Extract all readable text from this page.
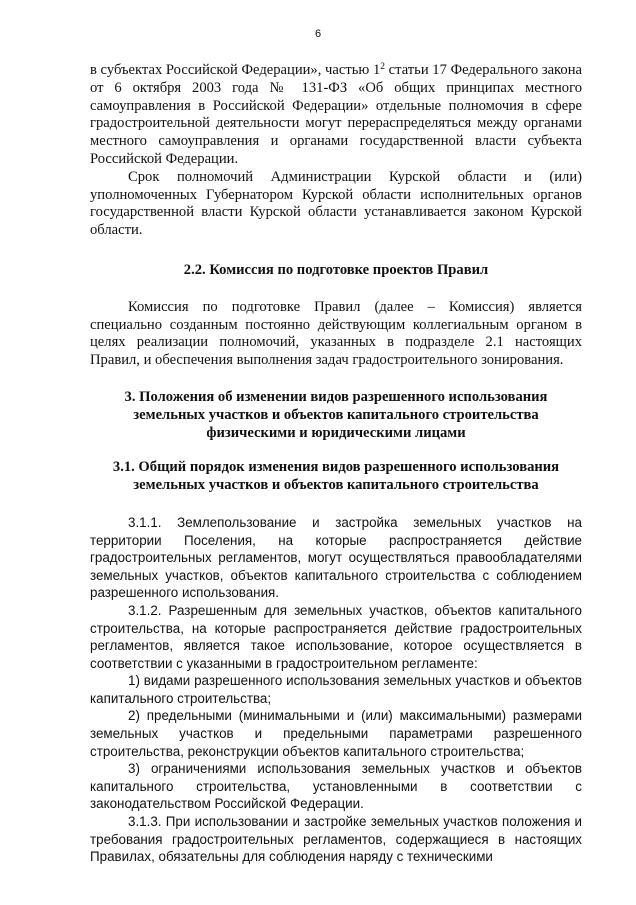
6

в субъектах Российской Федерации», частью $1^2$ статьи 17 Федерального закона от 6 октября 2003 года № 131-ФЗ «Об общих принципах местного самоуправления в Российской Федерации» отдельные полномочия в сфере градостроительной деятельности могут перераспределяться между органами местного самоуправления и органами государственной власти субъекта Российской Федерации.

Срок полномочий Администрации Курской области и (или) уполномоченных Губернатором Курской области исполнительных органов государственной власти Курской области устанавливается законом Курской области.

2.2. Комиссия по подготовке проектов Правил

Комиссия по подготовке Правил (далее – Комиссия) является специально созданным постоянно действующим коллегиальным органом в целях реализации полномочий, указанных в подразделе 2.1 настоящих Правил, и обеспечения выполнения задач градостроительного зонирования.

3. Положения об изменении видов разрешенного использования земельных участков и объектов капитального строительства физическими и юридическими лицами
3.1. Общий порядок изменения видов разрешенного использования земельных участков и объектов капитального строительства

3.1.1. Землепользование и застройка земельных участков на территории Поселения, на которые распространяется действие градостроительных регламентов, могут осуществляться правообладателями земельных участков, объектов капитального строительства с соблюдением разрешенного использования.

3.1.2. Разрешенным для земельных участков, объектов капитального строительства, на которые распространяется действие градостроительных регламентов, является такое использование, которое осуществляется в соответствии с указанными в градостроительном регламенте:

1) видами разрешенного использования земельных участков и объектов капитального строительства;

2) предельными (минимальными и (или) максимальными) размерами земельных участков и предельными параметрами разрешенного строительства, реконструкции объектов капитального строительства;

3) ограничениями использования земельных участков и объектов капитального строительства, установленными в соответствии с законодательством Российской Федерации.

3.1.3. При использовании и застройке земельных участков положения и требования градостроительных регламентов, содержащиеся в настоящих Правилах, обязательны для соблюдения наряду с техническими
